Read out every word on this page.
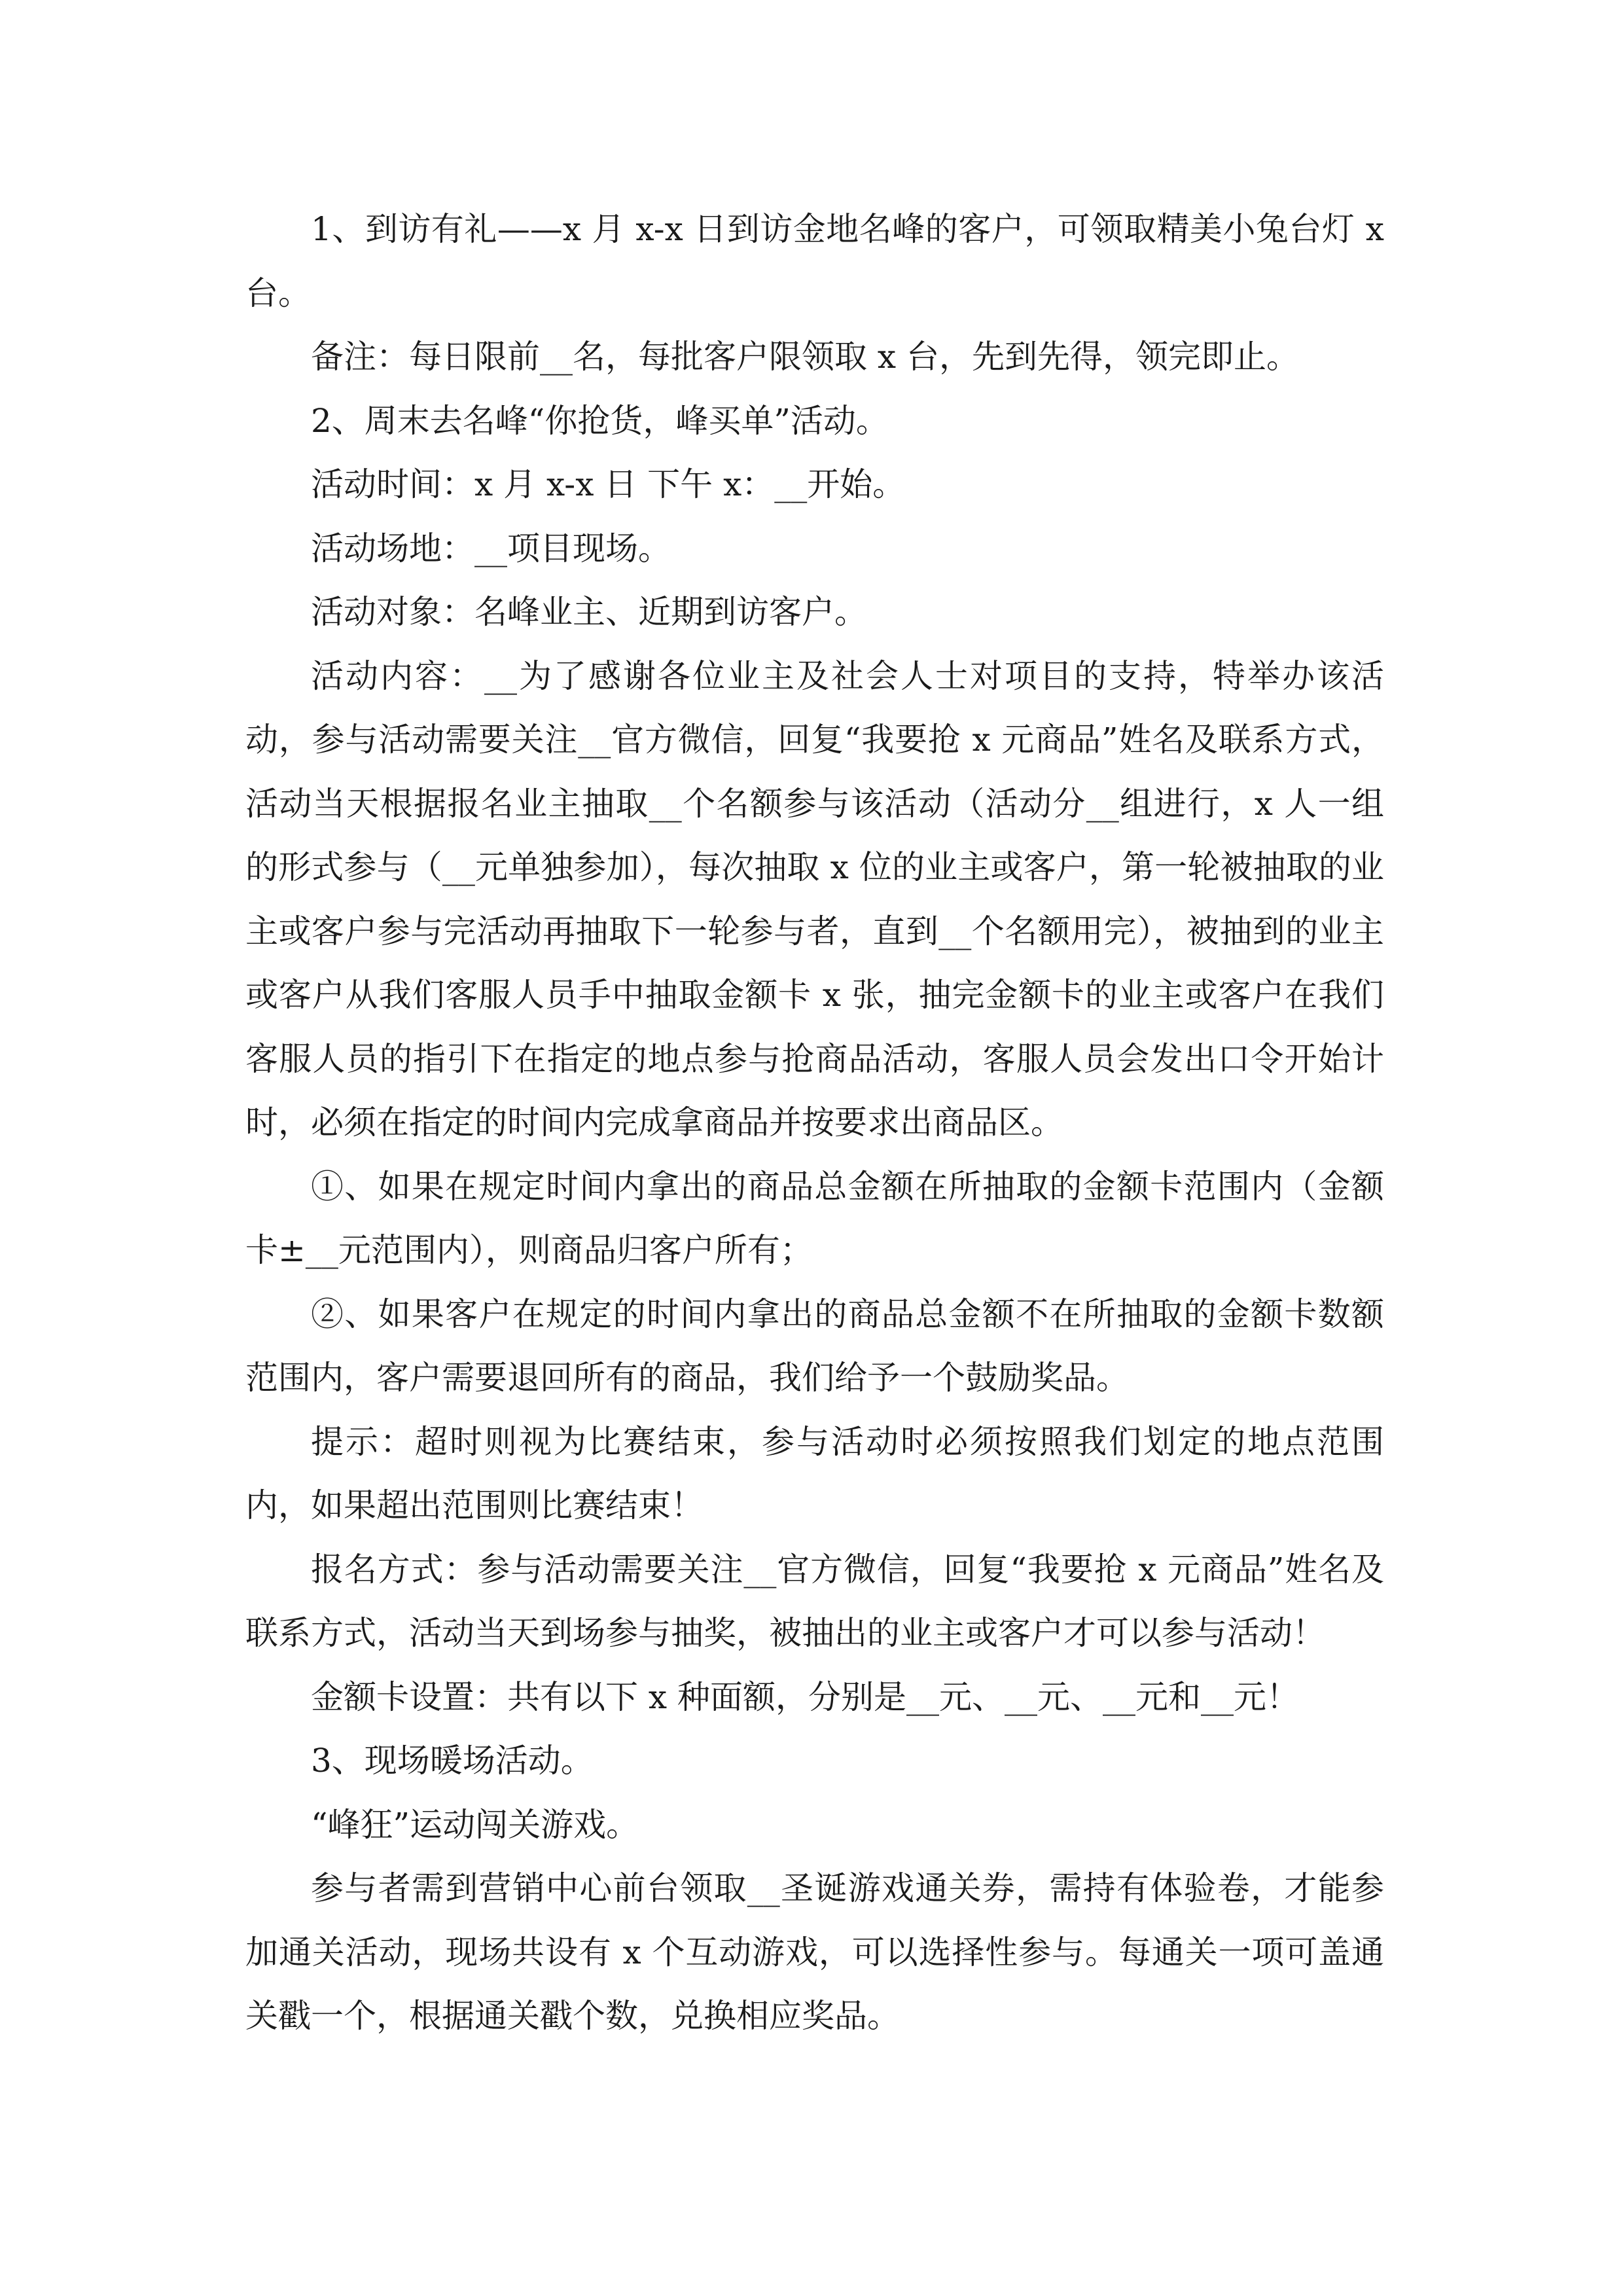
1、到访有礼——x 月 x-x 日到访金地名峰的客户，可领取精美小兔台灯 x 台。

备注：每日限前__名，每批客户限领取 x 台，先到先得，领完即止。

2、周末去名峰“你抢货，峰买单”活动。

活动时间：x 月 x-x 日 下午 x：__开始。

活动场地：__项目现场。

活动对象：名峰业主、近期到访客户。

活动内容：__为了感谢各位业主及社会人士对项目的支持，特举办该活动，参与活动需要关注__官方微信，回复“我要抢 x 元商品”姓名及联系方式，活动当天根据报名业主抽取__个名额参与该活动（活动分__组进行，x 人一组的形式参与（__元单独参加），每次抽取 x 位的业主或客户，第一轮被抽取的业主或客户参与完活动再抽取下一轮参与者，直到__个名额用完），被抽到的业主或客户从我们客服人员手中抽取金额卡 x 张，抽完金额卡的业主或客户在我们客服人员的指引下在指定的地点参与抢商品活动，客服人员会发出口令开始计时，必须在指定的时间内完成拿商品并按要求出商品区。

①、如果在规定时间内拿出的商品总金额在所抽取的金额卡范围内（金额卡±__元范围内），则商品归客户所有；

②、如果客户在规定的时间内拿出的商品总金额不在所抽取的金额卡数额范围内，客户需要退回所有的商品，我们给予一个鼓励奖品。

提示：超时则视为比赛结束，参与活动时必须按照我们划定的地点范围内，如果超出范围则比赛结束！

报名方式：参与活动需要关注__官方微信，回复“我要抢 x 元商品”姓名及联系方式，活动当天到场参与抽奖，被抽出的业主或客户才可以参与活动！

金额卡设置：共有以下 x 种面额，分别是__元、__元、__元和__元！

3、现场暖场活动。

“峰狂”运动闯关游戏。

参与者需到营销中心前台领取__圣诞游戏通关券，需持有体验卷，才能参加通关活动，现场共设有 x 个互动游戏，可以选择性参与。每通关一项可盖通关戳一个，根据通关戳个数，兑换相应奖品。
